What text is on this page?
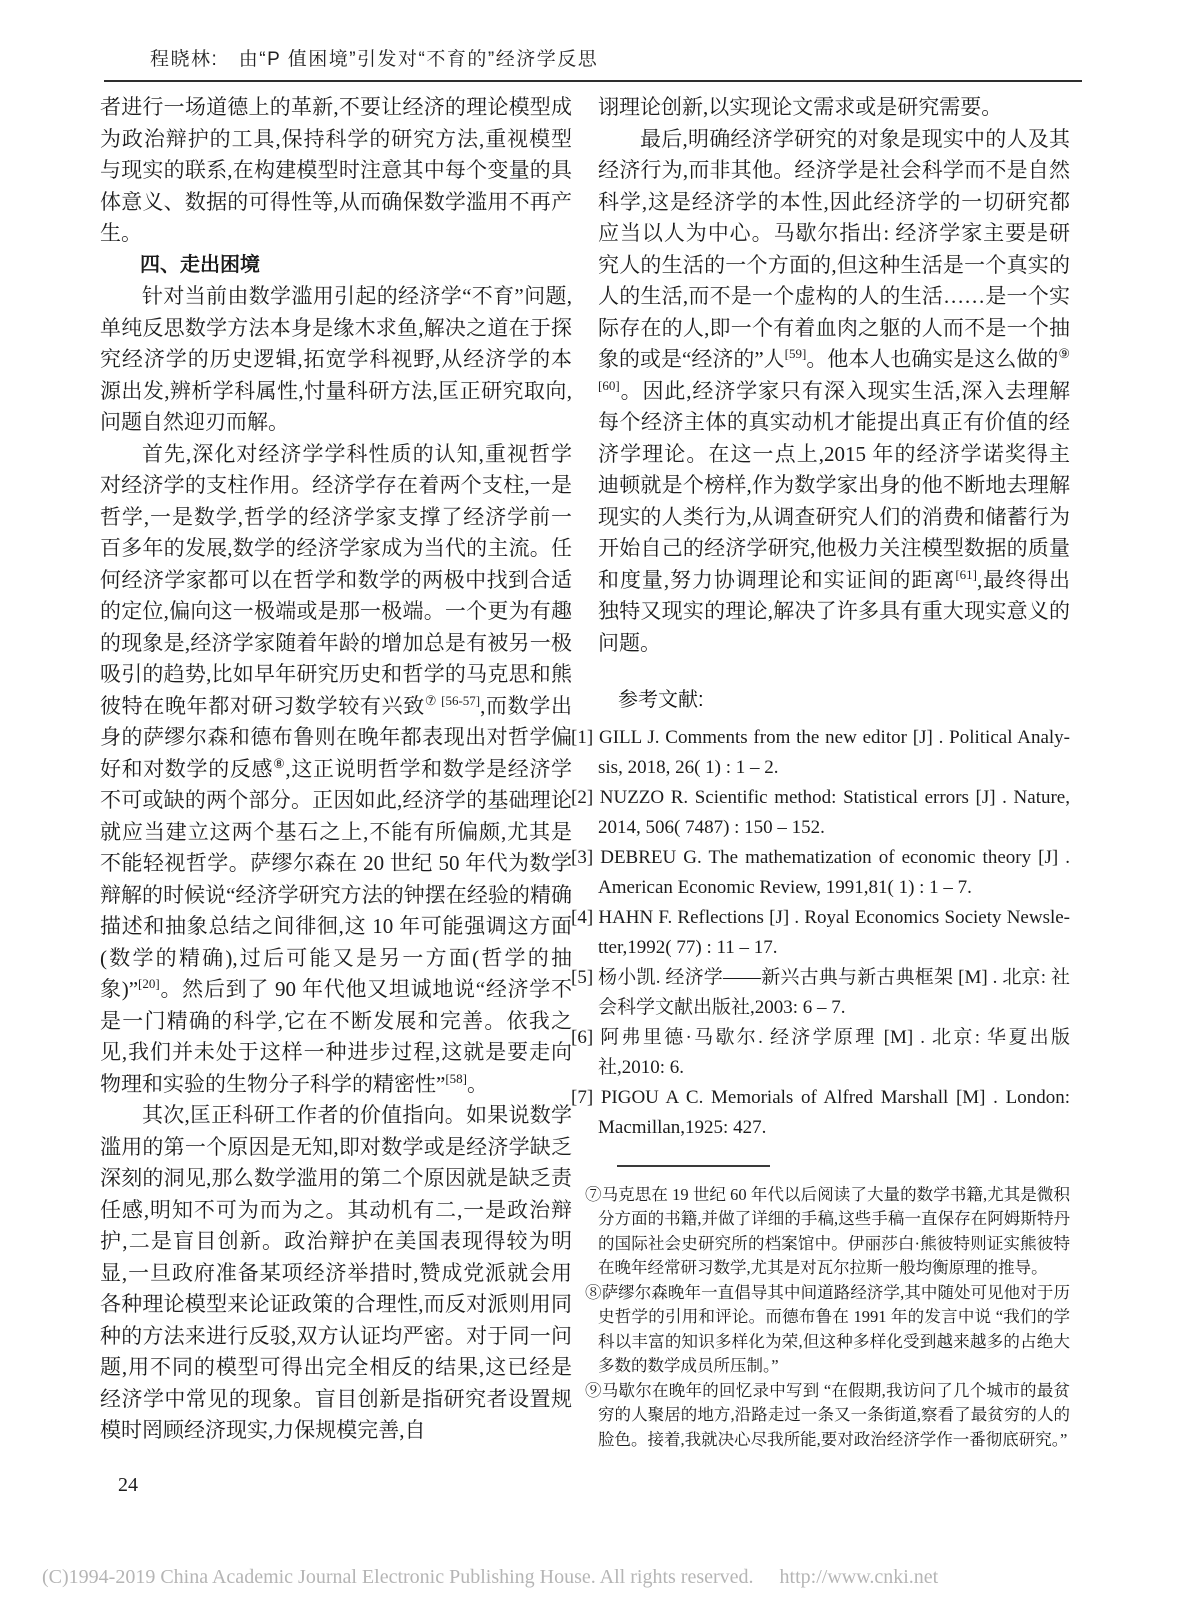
程晓林:　由“P 值困境”引发对“不育的”经济学反思

者进行一场道德上的革新,不要让经济的理论模型成为政治辩护的工具,保持科学的研究方法,重视模型与现实的联系,在构建模型时注意其中每个变量的具体意义、数据的可得性等,从而确保数学滥用不再产生。

四、走出困境

针对当前由数学滥用引起的经济学“不育”问题,单纯反思数学方法本身是缘木求鱼,解决之道在于探究经济学的历史逻辑,拓宽学科视野,从经济学的本源出发,辨析学科属性,忖量科研方法,匡正研究取向,问题自然迎刃而解。

首先,深化对经济学学科性质的认知,重视哲学对经济学的支柱作用。经济学存在着两个支柱,一是哲学,一是数学,哲学的经济学家支撑了经济学前一百多年的发展,数学的经济学家成为当代的主流。任何经济学家都可以在哲学和数学的两极中找到合适的定位,偏向这一极端或是那一极端。一个更为有趣的现象是,经济学家随着年龄的增加总是有被另一极吸引的趋势,比如早年研究历史和哲学的马克思和熊彼特在晚年都对研习数学较有兴致$^{⑦ [56-57]}$,而数学出身的萨缪尔森和德布鲁则在晚年都表现出对哲学偏好和对数学的反感⑧,这正说明哲学和数学是经济学不可或缺的两个部分。正因如此,经济学的基础理论就应当建立这两个基石之上,不能有所偏颇,尤其是不能轻视哲学。萨缪尔森在 20 世纪 50 年代为数学辩解的时候说“经济学研究方法的钟摆在经验的精确描述和抽象总结之间徘徊,这 10 年可能强调这方面(数学的精确),过后可能又是另一方面(哲学的抽象)”[20]。然后到了 90 年代他又坦诚地说“经济学不是一门精确的科学,它在不断发展和完善。依我之见,我们并未处于这样一种进步过程,这就是要走向物理和实验的生物分子科学的精密性”[58]。

其次,匡正科研工作者的价值指向。如果说数学滥用的第一个原因是无知,即对数学或是经济学缺乏深刻的洞见,那么数学滥用的第二个原因就是缺乏责任感,明知不可为而为之。其动机有二,一是政治辩护,二是盲目创新。政治辩护在美国表现得较为明显,一旦政府准备某项经济举措时,赞成党派就会用各种理论模型来论证政策的合理性,而反对派则用同种的方法来进行反驳,双方认证均严密。对于同一问题,用不同的模型可得出完全相反的结果,这已经是经济学中常见的现象。盲目创新是指研究者设置规模时罔顾经济现实,力保规模完善,自

诩理论创新,以实现论文需求或是研究需要。

最后,明确经济学研究的对象是现实中的人及其经济行为,而非其他。经济学是社会科学而不是自然科学,这是经济学的本性,因此经济学的一切研究都应当以人为中心。马歇尔指出: 经济学家主要是研究人的生活的一个方面的,但这种生活是一个真实的人的生活,而不是一个虚构的人的生活……是一个实际存在的人,即一个有着血肉之躯的人而不是一个抽象的或是“经济的”人[59]。他本人也确实是这么做的$^{⑨ [60]}$。因此,经济学家只有深入现实生活,深入去理解每个经济主体的真实动机才能提出真正有价值的经济学理论。在这一点上,2015 年的经济学诺奖得主迪顿就是个榜样,作为数学家出身的他不断地去理解现实的人类行为,从调查研究人们的消费和储蓄行为开始自己的经济学研究,他极力关注模型数据的质量和度量,努力协调理论和实证间的距离[61],最终得出独特又现实的理论,解决了许多具有重大现实意义的问题。

参考文献:

[1] GILL J. Comments from the new editor [J] . Political Analy-sis, 2018, 26( 1) : 1 – 2.

[2] NUZZO R. Scientific method: Statistical errors [J] . Nature, 2014, 506( 7487) : 150 – 152.

[3] DEBREU G. The mathematization of economic theory [J] . American Economic Review, 1991,81( 1) : 1 – 7.

[4] HAHN F. Reflections [J] . Royal Economics Society Newsle-tter,1992( 77) : 11 – 17.

[5] 杨小凯. 经济学——新兴古典与新古典框架 [M] . 北京: 社会科学文献出版社,2003: 6 – 7.

[6] 阿弗里德·马歇尔. 经济学原理 [M] . 北京: 华夏出版社,2010: 6.

[7] PIGOU A C. Memorials of Alfred Marshall [M] . London: Macmillan,1925: 427.

⑦马克思在 19 世纪 60 年代以后阅读了大量的数学书籍,尤其是微积分方面的书籍,并做了详细的手稿,这些手稿一直保存在阿姆斯特丹的国际社会史研究所的档案馆中。伊丽莎白·熊彼特则证实熊彼特在晚年经常研习数学,尤其是对瓦尔拉斯一般均衡原理的推导。

⑧萨缪尔森晚年一直倡导其中间道路经济学,其中随处可见他对于历史哲学的引用和评论。而德布鲁在 1991 年的发言中说 “我们的学科以丰富的知识多样化为荣,但这种多样化受到越来越多的占绝大多数的数学成员所压制。”

⑨马歇尔在晚年的回忆录中写到 “在假期,我访问了几个城市的最贫穷的人聚居的地方,沿路走过一条又一条街道,察看了最贫穷的人的脸色。接着,我就决心尽我所能,要对政治经济学作一番彻底研究。”

24
(C)1994-2019 China Academic Journal Electronic Publishing House. All rights reserved. http://www.cnki.net
